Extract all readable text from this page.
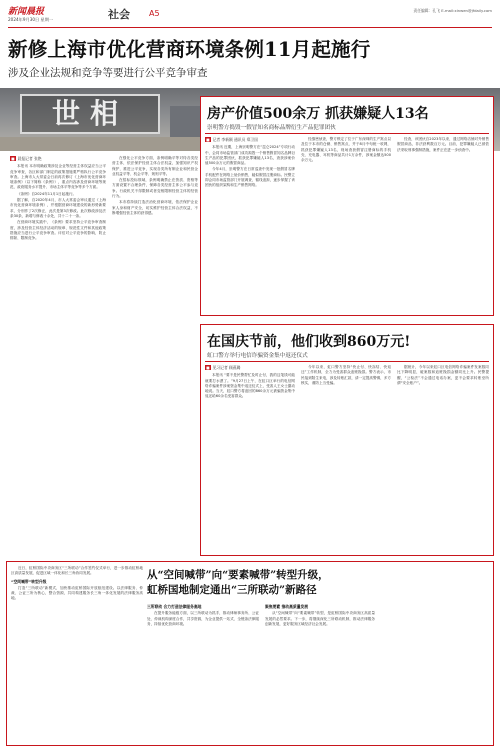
新闻晨报
2024年9月30日 星期一	社会 A5	责任编辑：孔飞 E-mail:xinwen@jfdaily.com
新修上海市优化营商环境条例11月起施行
涉及企业法规和竞争等要进行公平竞争审查
世相
■ 晨报记者 张艳

本报讯 本市明确政策涉及企业等经营主体权益应当公平竞争审查，各区和部门制定的政策措施要严格执行公平竞争审查。上海市人大常委会日前再次修订《上海市优化营商环境条例》（以下简称《条例》），重点内容涉及营商环境等规范、政府服务水平提升、市场主体平等竞争等多个方面。

《条例》自2024年11月1日起施行。

据了解，自2020年4月，市人大常委会审议通过《上海市优化营商环境条例》，并根据营商环境建设的新形势新要求，分别作了2次修正，此次是第3次修改。此次修改涉及法条30条，新增与修改十余处，共十二十一条。

在营商环境实践中，《条例》要求坚持公平竞争审查制度，涉及经营主体经济活动的规章、规范性文件和其他政策措施应当进行公平竞争审查。评估对公平竞争的影响，防止排除、限制竞争。

在强化公平竞争方面，条例明确平等对待各类经营主体，依法保护经营主体合法权益，加强知识产权保护，推进公平竞争，实现各类所有制企业和民营企业权益平等、机会平等、规则平等。

在招标投标领域，条例明确禁止在资质、资格等方面设置不合理条件，保障各类经营主体公平参与竞争。行政机关不得限制或者变相限制经营主体的经营行为。

本市将持续打造法治化营商环境，依法保护企业家人身和财产安全，切实维护经营主体合法权益，不断增强经营主体的获得感。

房产价值500余万 抓获嫌疑人13名
崇明警方捣毁一假冒知名商标品牌衍生产品犯罪团伙
■ 记者 李新颖 通讯员 郑卫国

本报讯 近期，上海崇明警方在“昆仑2024”专项行动中，会同市场监管部门成功捣毁一个销售假冒知名品牌衍生产品的犯罪团伙，抓获犯罪嫌疑人13名，查获涉案价值500余万元的假冒商品。

今年4月，崇明警方在日常巡查中发现一批假冒名牌手机配件在网络上低价销售，疑似假冒注册商标。民警立即会同市场监管部门开展调查，循线追踪，逐步掌握了该团伙的组织架构和生产销售网络。

经缜密侦查，警方锁定了位于广东深圳的生产窝点以及位于本市的仓储、销售窝点，并于8月中旬统一收网，抓获犯罪嫌疑人13名，现场查获假冒注册商标的手机壳、充电器、耳机等商品共计1万余件，涉案金额达500余万元。

经查，该团伙自2023年以来，通过网络店铺对外销售假冒商品，非法获利数百万元。目前，犯罪嫌疑人已被依法采取刑事强制措施，案件正在进一步侦查中。

在国庆节前，他们收到860万元!
虹口警方举行电信诈骗资金集中返还仪式
■ 见习记者 顾燕璐

本报讯 “要不是民警帮忙及时止付，我的这笔钱可能就要打水漂了。”9月27日上午，在虹口区举行的电信网络诈骗案件涉案资金集中返还仪式上，受害人王女士激动地说。当天，虹口警方将追回的860余万元被骗资金集中返还给60余名受害群众。

今年以来，虹口警方坚持“快止付、快冻结、快返还”工作机制，全力为受害群众追赃挽损。警方表示，市民接到陌生来电，涉及转账汇款，请一定提高警惕，多方核实，谨防上当受骗。

据统计，今年以来虹口区电信网络诈骗案件发案数同比下降明显，破案数和追赃挽损金额同比上升。民警提醒，“公检法”不会通过电话办案，更不会要求转账至所谓“安全账户”。

近日，虹桥国际中央商务区“三所联动”合作签约仪式举行，进一步推动虹桥地区高质量发展，促进区域一体化和长三角协同发展。

“空间喊带”转型升级

打造“三所联动”新模式，加快推动虹桥国际开放枢纽建设。以法律服务、仲裁、公证三所为核心，整合资源，共同构建服务长三角一体化发展的法律服务高地。

从“空间喊带”向“要素喊带”转型升级，
虹桥国地制定通出“三所联动”新路径
三所联动 合力打造法律服务高地

在提升服务能级方面，以三所联动为抓手，推动律师事务所、公证处、仲裁机构深度合作，共享资源，为企业提供一站式、全链条法律服务，持续优化营商环境。

聚焦要素 推动高质量发展

从“空间喊带”向“要素喊带”转型，是虹桥国际中央商务区高质量发展的必然要求。下一步，将继续深化三所联动机制，推动法律服务创新发展，更好服务区域经济社会发展。
